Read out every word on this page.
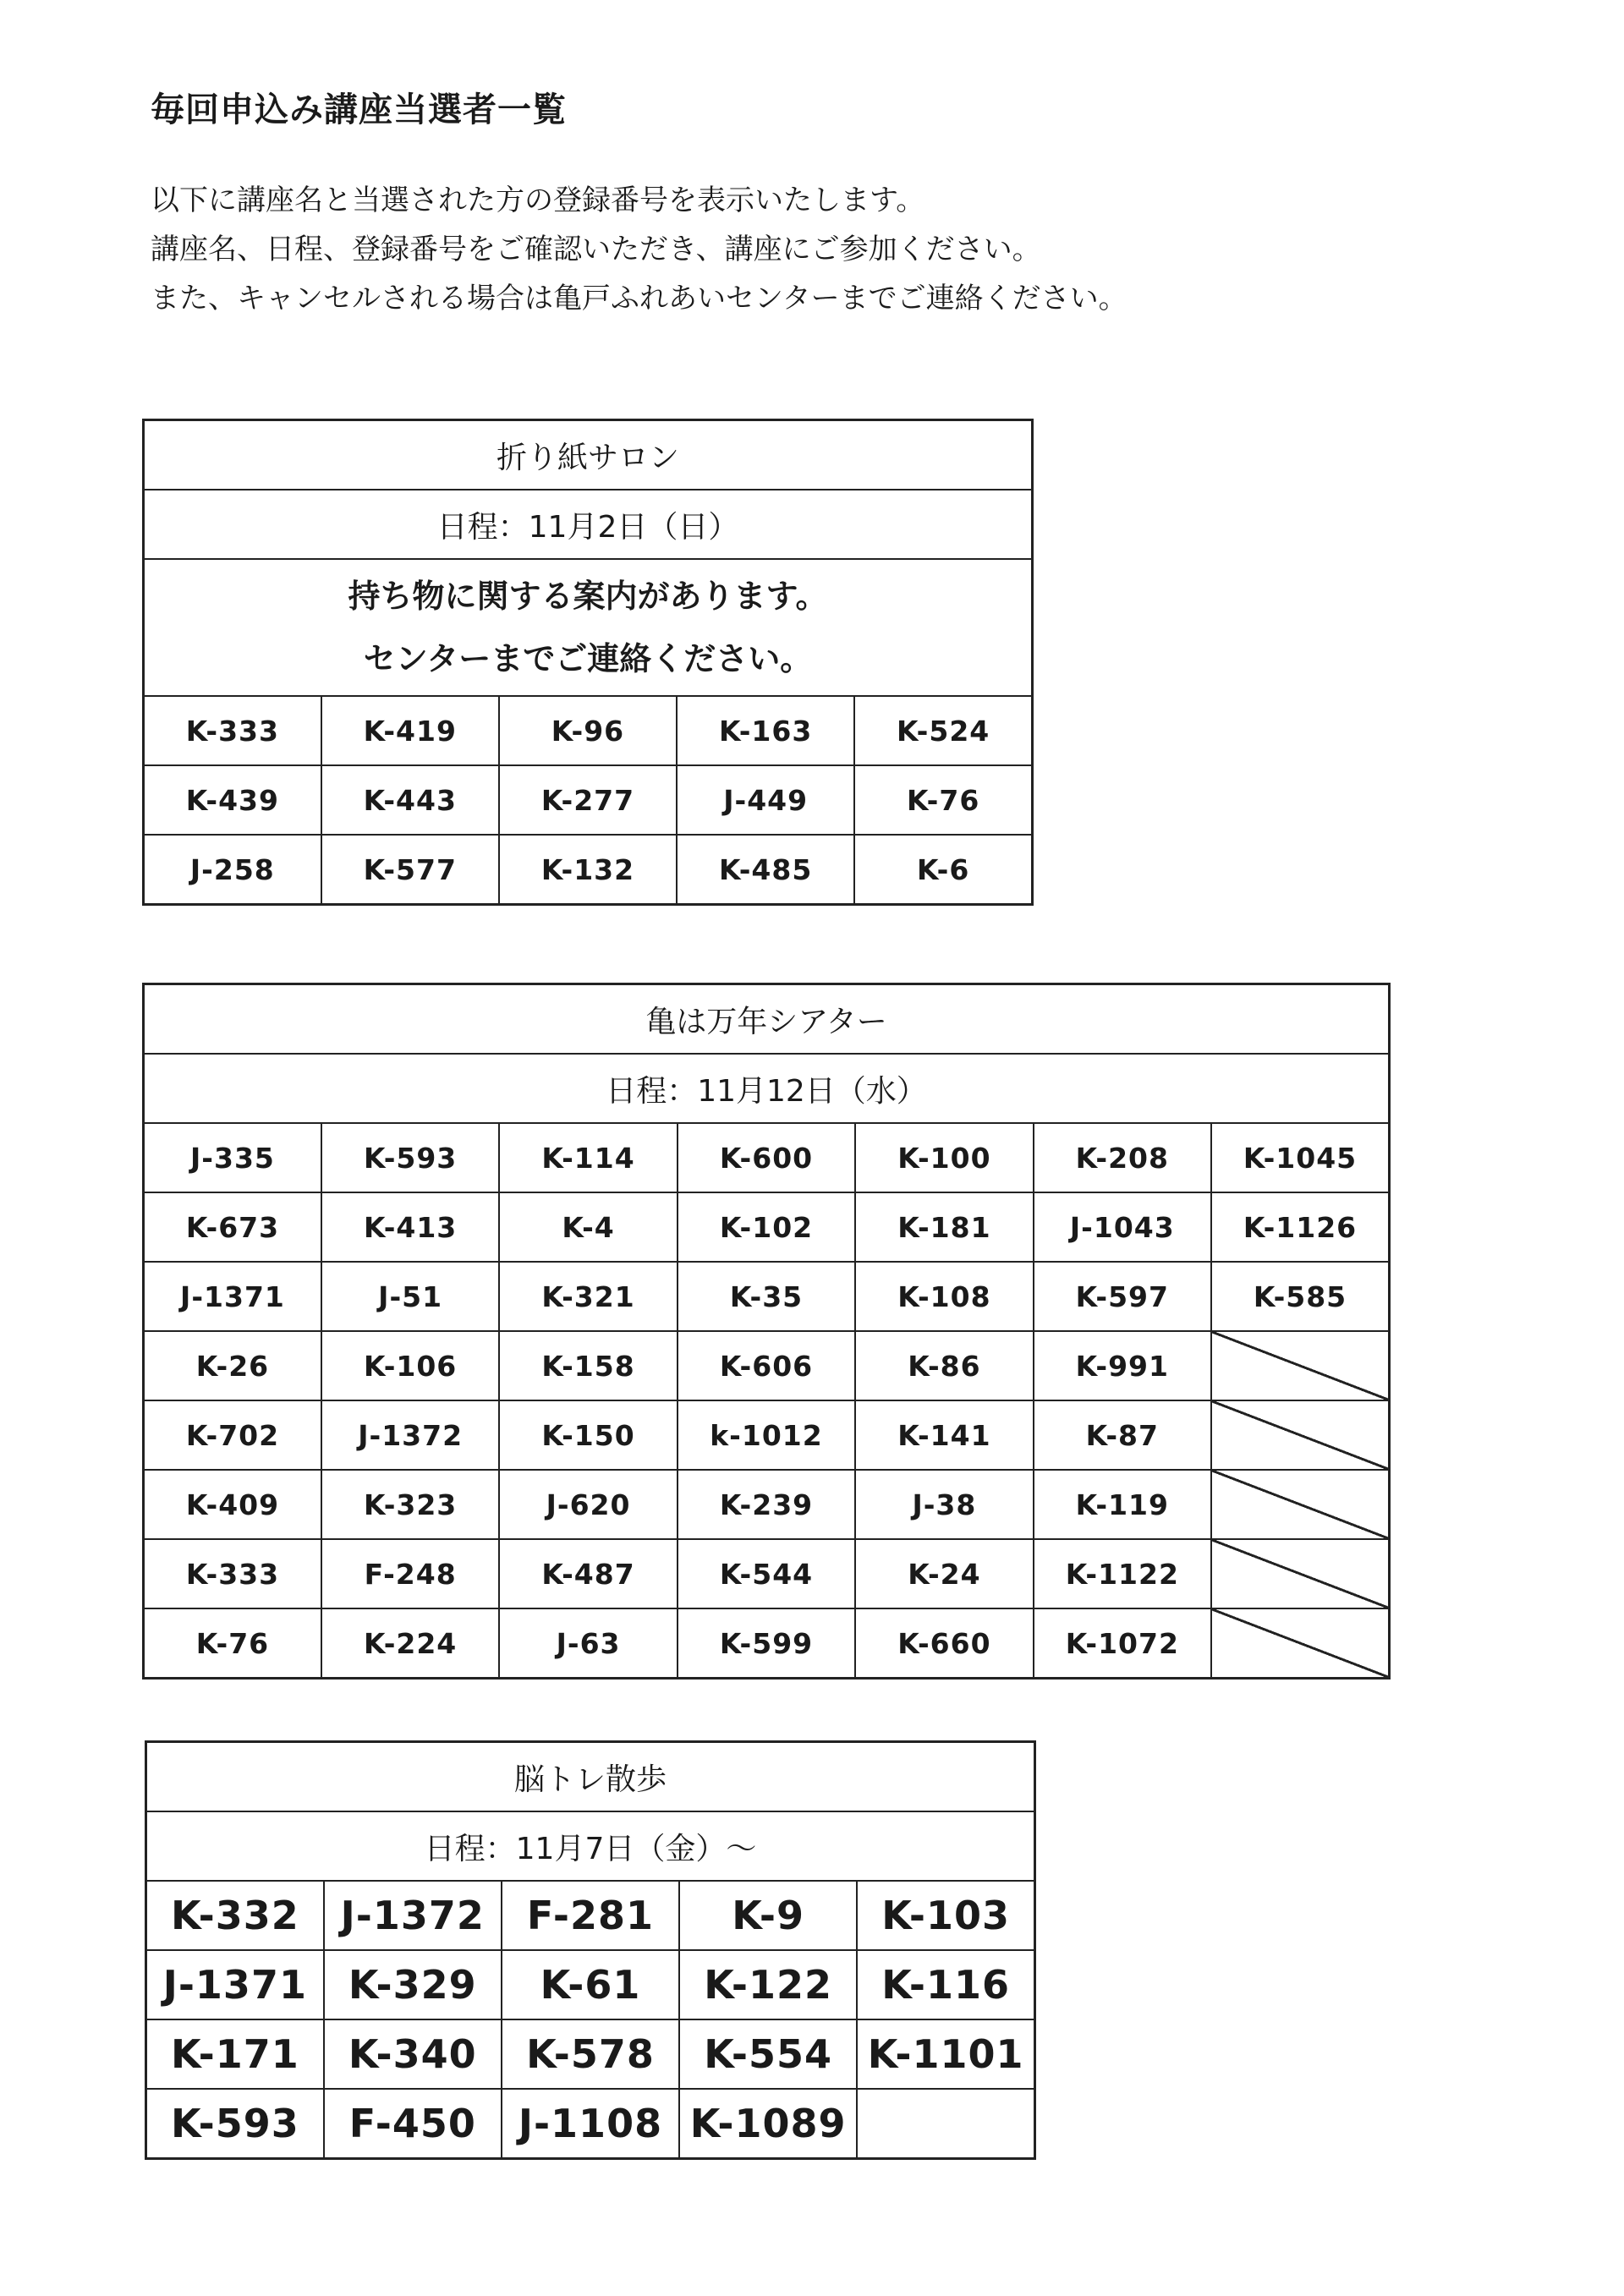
毎回申込み講座当選者一覧
以下に講座名と当選された方の登録番号を表示いたします。
講座名、日程、登録番号をご確認いただき、講座にご参加ください。
また、キャンセルされる場合は亀戸ふれあいセンターまでご連絡ください。
折り紙サロン				
日程：11月2日（日）				
持ち物に関する案内があります。
センターまでご連絡ください。				
K-333	K-419	K-96	K-163	K-524
K-439	K-443	K-277	J-449	K-76
J-258	K-577	K-132	K-485	K-6
亀は万年シアター						
日程：11月12日（水）						
J-335	K-593	K-114	K-600	K-100	K-208	K-1045
K-673	K-413	K-4	K-102	K-181	J-1043	K-1126
J-1371	J-51	K-321	K-35	K-108	K-597	K-585
K-26	K-106	K-158	K-606	K-86	K-991	
K-702	J-1372	K-150	k-1012	K-141	K-87	
K-409	K-323	J-620	K-239	J-38	K-119	
K-333	F-248	K-487	K-544	K-24	K-1122	
K-76	K-224	J-63	K-599	K-660	K-1072	
脳トレ散歩				
日程：11月7日（金）～				
K-332	J-1372	F-281	K-9	K-103
J-1371	K-329	K-61	K-122	K-116
K-171	K-340	K-578	K-554	K-1101
K-593	F-450	J-1108	K-1089	
